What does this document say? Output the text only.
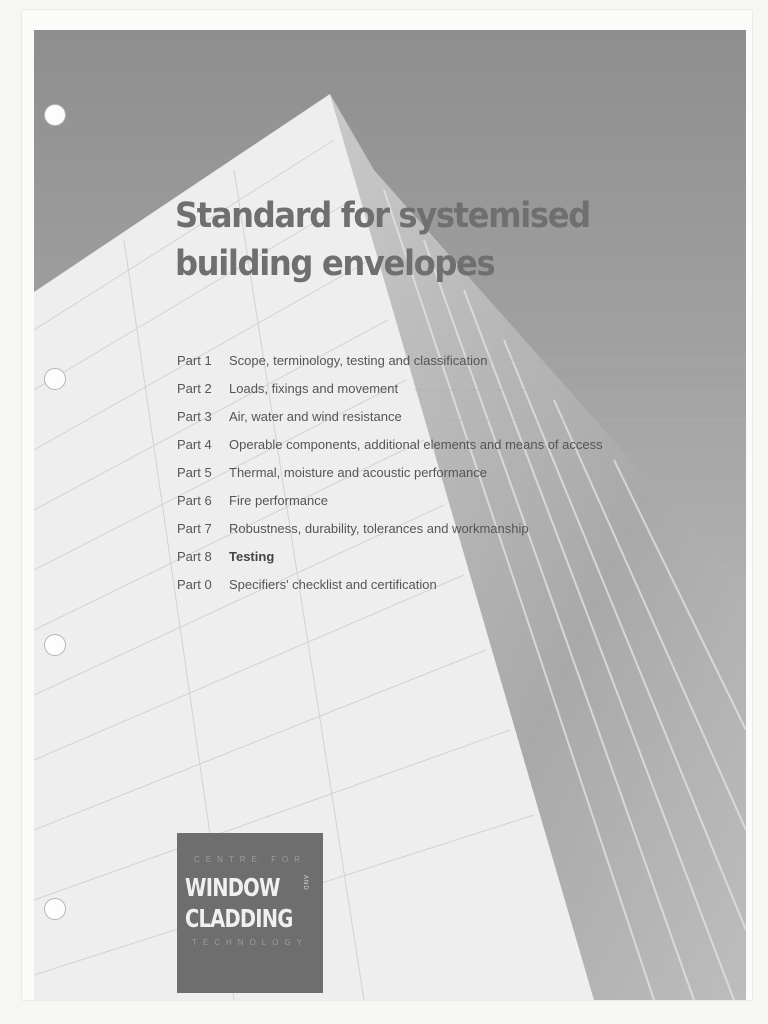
Standard for systemised
building envelopes
Part 1	Scope, terminology, testing and classification
Part 2	Loads, fixings and movement
Part 3	Air, water and wind resistance
Part 4	Operable components, additional elements and means of access
Part 5	Thermal, moisture and acoustic performance
Part 6	Fire performance
Part 7	Robustness, durability, tolerances and workmanship
Part 8	Testing
Part 0	Specifiers' checklist and certification
CENTRE FOR
WINDOW	AND
CLADDING
TECHNOLOGY
